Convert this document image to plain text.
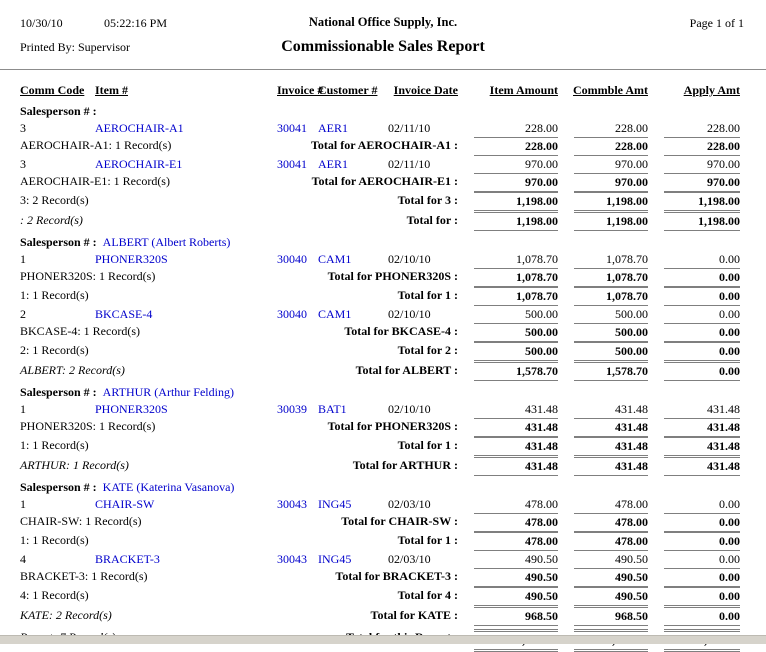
10/30/10	05:22:16 PM	National Office Supply, Inc.	Page 1 of 1
Printed By: Supervisor	Commissionable Sales Report
Comm Code Item #	Invoice #
Customer #	Invoice Date	Item Amount	Commble Amt	Apply Amt
Salesperson # :
3	AEROCHAIR-A1	30041 AER1	02/11/10	228.00	228.00	228.00
AEROCHAIR-A1: 1 Record(s)	Total for AEROCHAIR-A1 :	228.00	228.00	228.00
3	AEROCHAIR-E1	30041 AER1	02/11/10	970.00	970.00	970.00
AEROCHAIR-E1: 1 Record(s)	Total for AEROCHAIR-E1 :	970.00	970.00	970.00
3: 2 Record(s)	Total for 3 :	1,198.00	1,198.00	1,198.00
: 2 Record(s)	Total for :	1,198.00	1,198.00	1,198.00
Salesperson # : ALBERT (Albert Roberts)
1	PHONER320S	30040 CAM1	02/10/10	1,078.70	1,078.70	0.00
PHONER320S: 1 Record(s)	Total for PHONER320S :	1,078.70	1,078.70	0.00
1: 1 Record(s)	Total for 1 :	1,078.70	1,078.70	0.00
2	BKCASE-4	30040 CAM1	02/10/10	500.00	500.00	0.00
BKCASE-4: 1 Record(s)	Total for BKCASE-4 :	500.00	500.00	0.00
2: 1 Record(s)	Total for 2 :	500.00	500.00	0.00
ALBERT: 2 Record(s)	Total for ALBERT :	1,578.70	1,578.70	0.00
Salesperson # : ARTHUR (Arthur Felding)
1	PHONER320S	30039 BAT1	02/10/10	431.48	431.48	431.48
PHONER320S: 1 Record(s)	Total for PHONER320S :	431.48	431.48	431.48
1: 1 Record(s)	Total for 1 :	431.48	431.48	431.48
ARTHUR: 1 Record(s)	Total for ARTHUR :	431.48	431.48	431.48
Salesperson # : KATE (Katerina Vasanova)
1	CHAIR-SW	30043 ING45	02/03/10	478.00	478.00	0.00
CHAIR-SW: 1 Record(s)	Total for CHAIR-SW :	478.00	478.00	0.00
1: 1 Record(s)	Total for 1 :	478.00	478.00	0.00
4	BRACKET-3	30043 ING45	02/03/10	490.50	490.50	0.00
BRACKET-3: 1 Record(s)	Total for BRACKET-3 :	490.50	490.50	0.00
4: 1 Record(s)	Total for 4 :	490.50	490.50	0.00
KATE: 2 Record(s)	Total for KATE :	968.50	968.50	0.00
